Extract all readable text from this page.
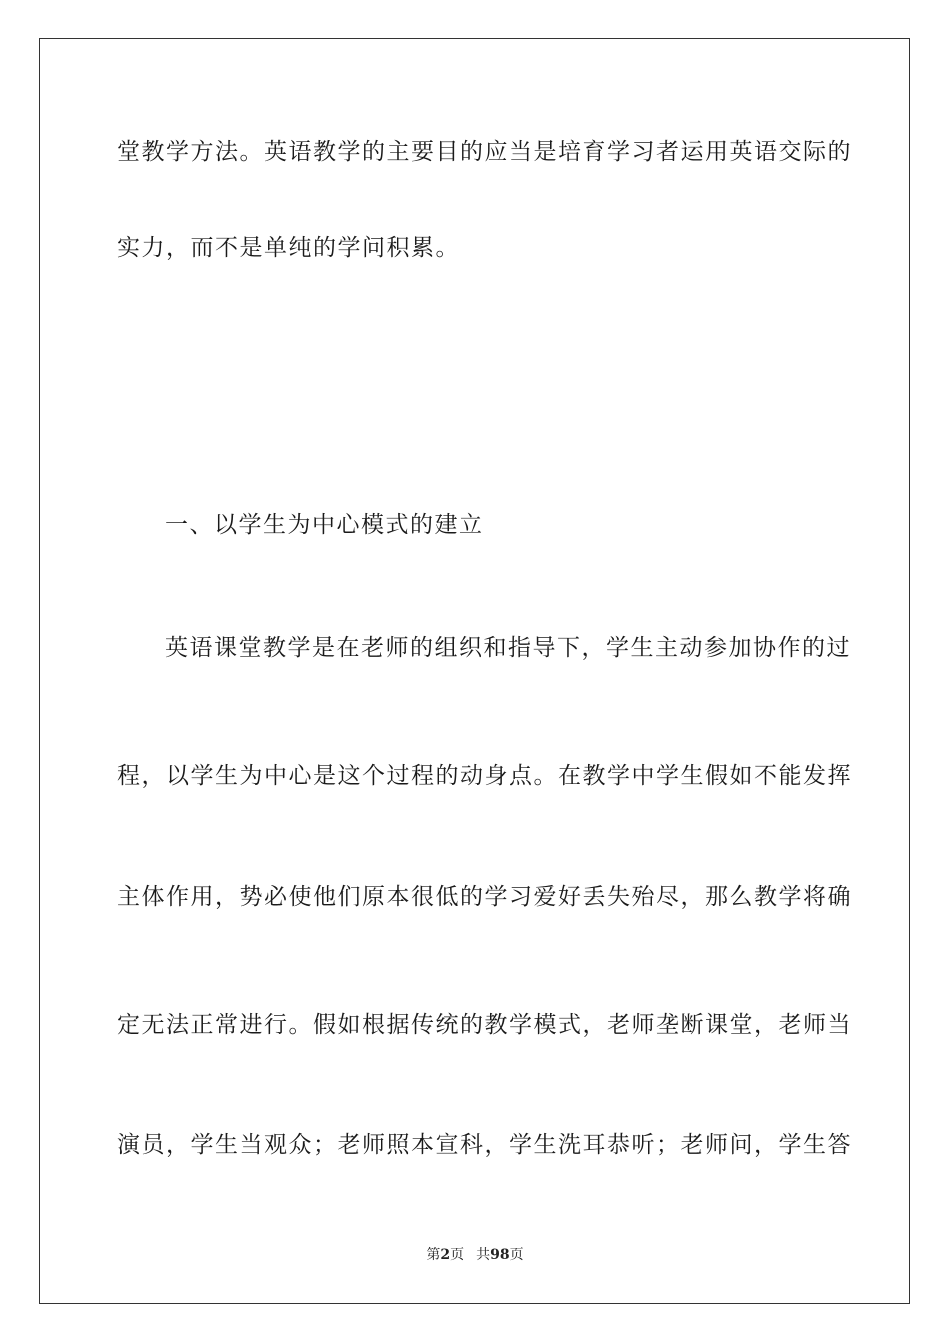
堂教学方法。英语教学的主要目的应当是培育学习者运用英语交际的
实力，而不是单纯的学问积累。
一、以学生为中心模式的建立
英语课堂教学是在老师的组织和指导下，学生主动参加协作的过
程，以学生为中心是这个过程的动身点。在教学中学生假如不能发挥
主体作用，势必使他们原本很低的学习爱好丢失殆尽，那么教学将确
定无法正常进行。假如根据传统的教学模式，老师垄断课堂，老师当
演员，学生当观众；老师照本宣科，学生洗耳恭听；老师问，学生答
第2页 共98页
